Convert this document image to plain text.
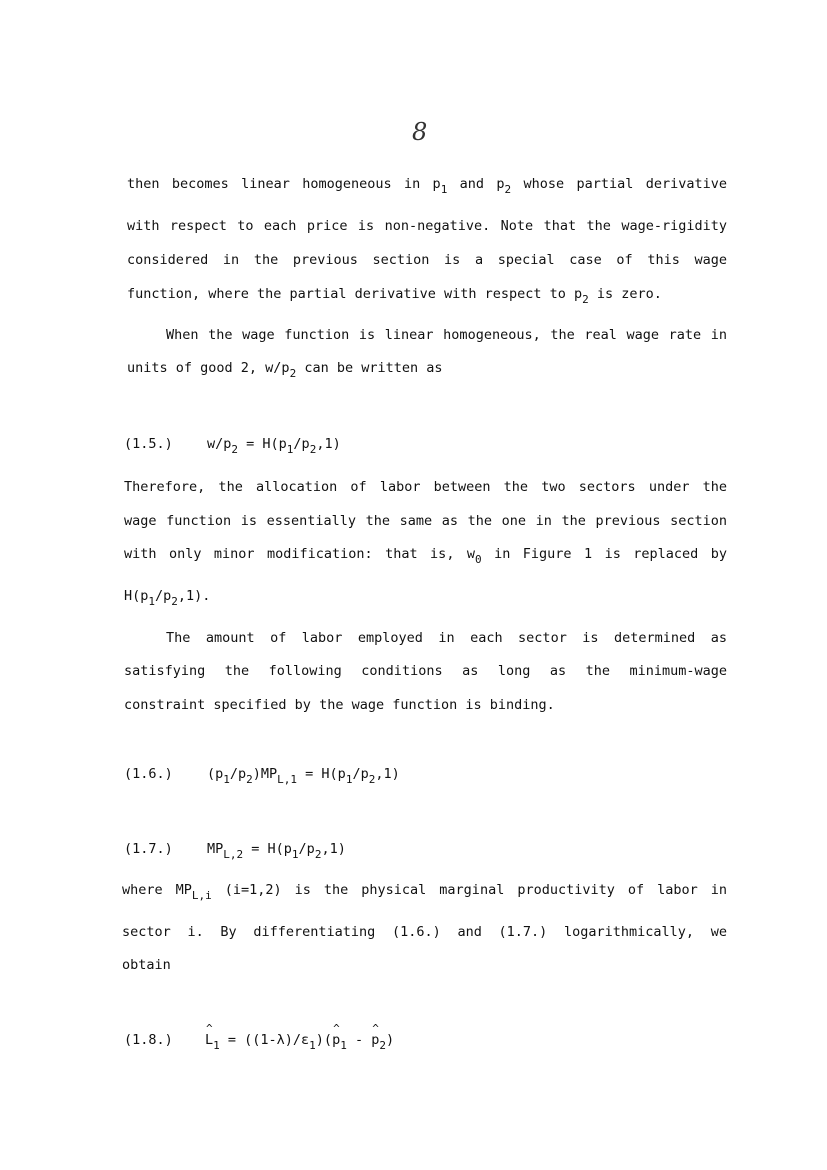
8
then becomes linear homogeneous in $p_1$ and $p_2$ whose partial derivative
with respect to each price is non-negative. Note that the wage-rigidity
considered in the previous section is a special case of this wage
function, where the partial derivative with respect to $p_2$ is zero.
When the wage function is linear homogeneous, the real wage rate in
units of good 2, $w/p_2$ can be written as
(1.5.)	$w/p_2 = H(p_1/p_2,1)$
Therefore, the allocation of labor between the two sectors under the
wage function is essentially the same as the one in the previous section
with only minor modification: that is, $w_0$ in Figure 1 is replaced by
$H(p_1/p_2,1)$.
The amount of labor employed in each sector is determined as
satisfying the following conditions as long as the minimum-wage
constraint specified by the wage function is binding.
(1.6.)	$(p_1/p_2)MP_{L,1} = H(p_1/p_2,1)$
(1.7.)	$MP_{L,2} = H(p_1/p_2,1)$
where $MP_{L,i}$ (i=1,2) is the physical marginal productivity of labor in
sector i. By differentiating (1.6.) and (1.7.) logarithmically, we
obtain
(1.8.)
^ $L_1$ = $((1-\lambda)/\varepsilon_1)(\^{}$ $p_1$ - ^ $p_2$)
